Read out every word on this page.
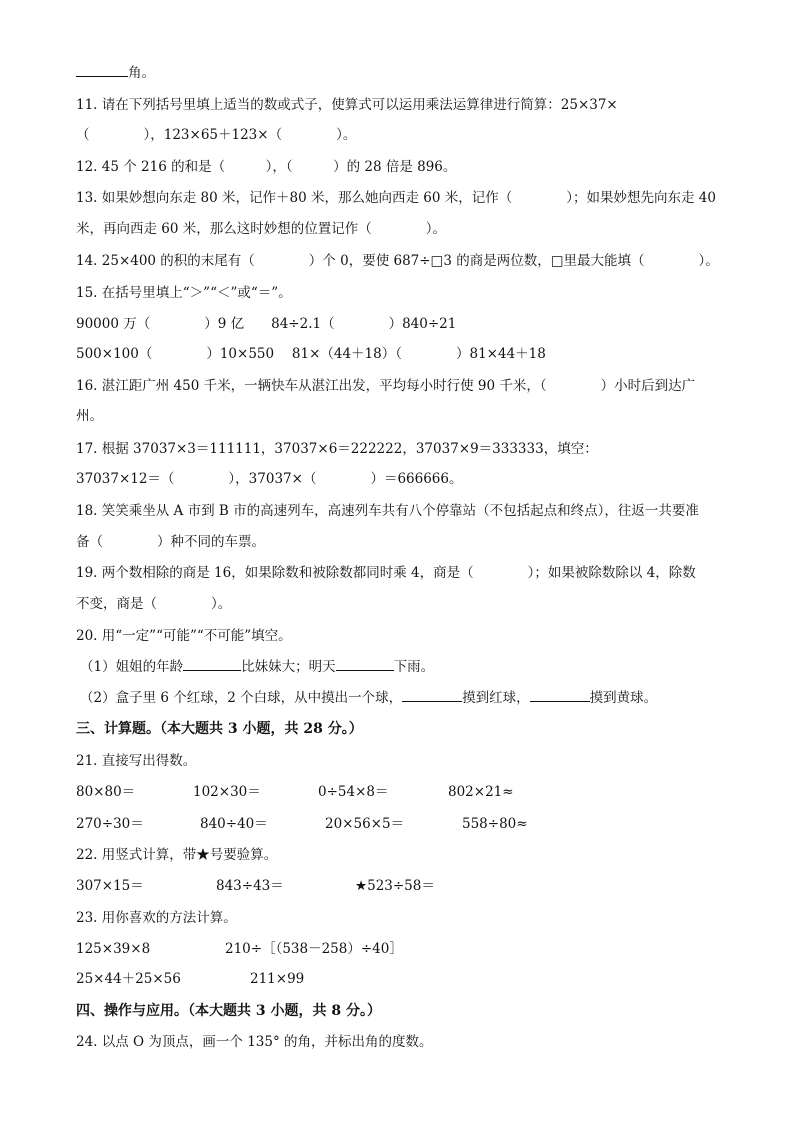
角。
11. 请在下列括号里填上适当的数或式子，使算式可以运用乘法运算律进行简算：25×37×
（　　　　），123×65＋123×（　　　　）。
12. 45 个 216 的和是（　　　），（　　　）的 28 倍是 896。
13. 如果妙想向东走 80 米，记作＋80 米，那么她向西走 60 米，记作（　　　　）；如果妙想先向东走 40
米，再向西走 60 米，那么这时妙想的位置记作（　　　　）。
14. 25×400 的积的末尾有（　　　　）个 0，要使 687÷□3 的商是两位数，□里最大能填（　　　　）。
15. 在括号里填上“＞”“＜”或“＝”。
90000 万（　　　　）9 亿　　84÷2.1（　　　　）840÷21
500×100（　　　　）10×550　 81×（44＋18）（　　　　）81×44＋18
16. 湛江距广州 450 千米，一辆快车从湛江出发，平均每小时行使 90 千米，（　　　　）小时后到达广
州。
17. 根据 37037×3＝111111，37037×6＝222222，37037×9＝333333，填空：
37037×12＝（　　　　），37037×（　　　　）＝666666。
18. 笑笑乘坐从 A 市到 B 市的高速列车，高速列车共有八个停靠站（不包括起点和终点），往返一共要准
备（　　　　）种不同的车票。
19. 两个数相除的商是 16，如果除数和被除数都同时乘 4，商是（　　　　）；如果被除数除以 4，除数
不变，商是（　　　　）。
20. 用“一定”“可能”“不可能”填空。
（1）姐姐的年龄	比妹妹大；明天	下雨。
（2）盒子里 6 个红球，2 个白球，从中摸出一个球，	摸到红球，	摸到黄球。
三、计算题。（本大题共 3 小题，共 28 分。）
21. 直接写出得数。
80×80＝	102×30＝	0÷54×8＝	802×21≈
270÷30＝	840÷40＝	20×56×5＝	558÷80≈
22. 用竖式计算，带★号要验算。
307×15＝	843÷43＝	★523÷58＝
23. 用你喜欢的方法计算。
125×39×8	210÷［（538－258）÷40］
25×44＋25×56	211×99
四、操作与应用。（本大题共 3 小题，共 8 分。）
24. 以点 O 为顶点，画一个 135° 的角，并标出角的度数。
